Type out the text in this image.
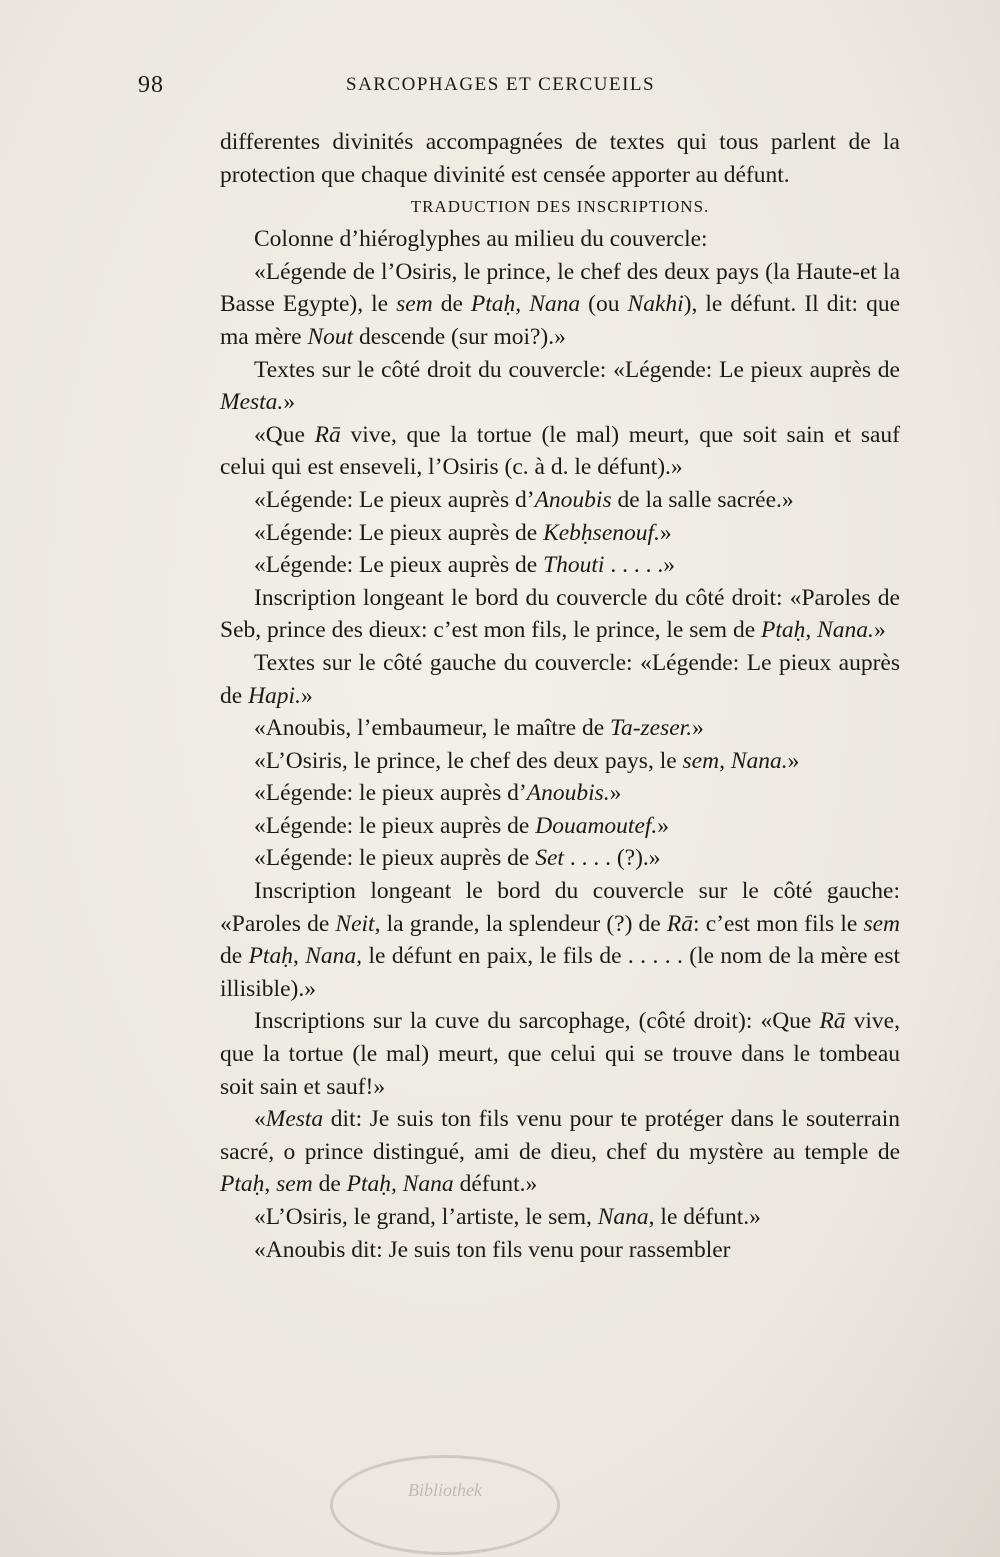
98	SARCOPHAGES ET CERCUEILS

differentes divinités accompagnées de textes qui tous parlent de la protection que chaque divinité est censée apporter au défunt.

TRADUCTION DES INSCRIPTIONS.

Colonne d’hiéroglyphes au milieu du couvercle:

«Légende de l’Osiris, le prince, le chef des deux pays (la Haute-et la Basse Egypte), le sem de Ptaḥ, Nana (ou Nakhi), le défunt. Il dit: que ma mère Nout descende (sur moi?).»

Textes sur le côté droit du couvercle: «Légende: Le pieux auprès de Mesta.»

«Que Rā vive, que la tortue (le mal) meurt, que soit sain et sauf celui qui est enseveli, l’Osiris (c. à d. le défunt).»

«Légende: Le pieux auprès d’Anoubis de la salle sacrée.»

«Légende: Le pieux auprès de Kebḥsenouf.»

«Légende: Le pieux auprès de Thouti . . . . .»

Inscription longeant le bord du couvercle du côté droit: «Paroles de Seb, prince des dieux: c’est mon fils, le prince, le sem de Ptaḥ, Nana.»

Textes sur le côté gauche du couvercle: «Légende: Le pieux auprès de Hapi.»

«Anoubis, l’embaumeur, le maître de Ta-zeser.»

«L’Osiris, le prince, le chef des deux pays, le sem, Nana.»

«Légende: le pieux auprès d’Anoubis.»

«Légende: le pieux auprès de Douamoutef.»

«Légende: le pieux auprès de Set . . . . (?).»

Inscription longeant le bord du couvercle sur le côté gauche: «Paroles de Neit, la grande, la splendeur (?) de Rā: c’est mon fils le sem de Ptaḥ, Nana, le défunt en paix, le fils de . . . . . (le nom de la mère est illisible).»

Inscriptions sur la cuve du sarcophage, (côté droit): «Que Rā vive, que la tortue (le mal) meurt, que celui qui se trouve dans le tombeau soit sain et sauf!»

«Mesta dit: Je suis ton fils venu pour te protéger dans le souterrain sacré, o prince distingué, ami de dieu, chef du mystère au temple de Ptaḥ, sem de Ptaḥ, Nana défunt.»

«L’Osiris, le grand, l’artiste, le sem, Nana, le défunt.»

«Anoubis dit: Je suis ton fils venu pour rassembler

Bibliothek
